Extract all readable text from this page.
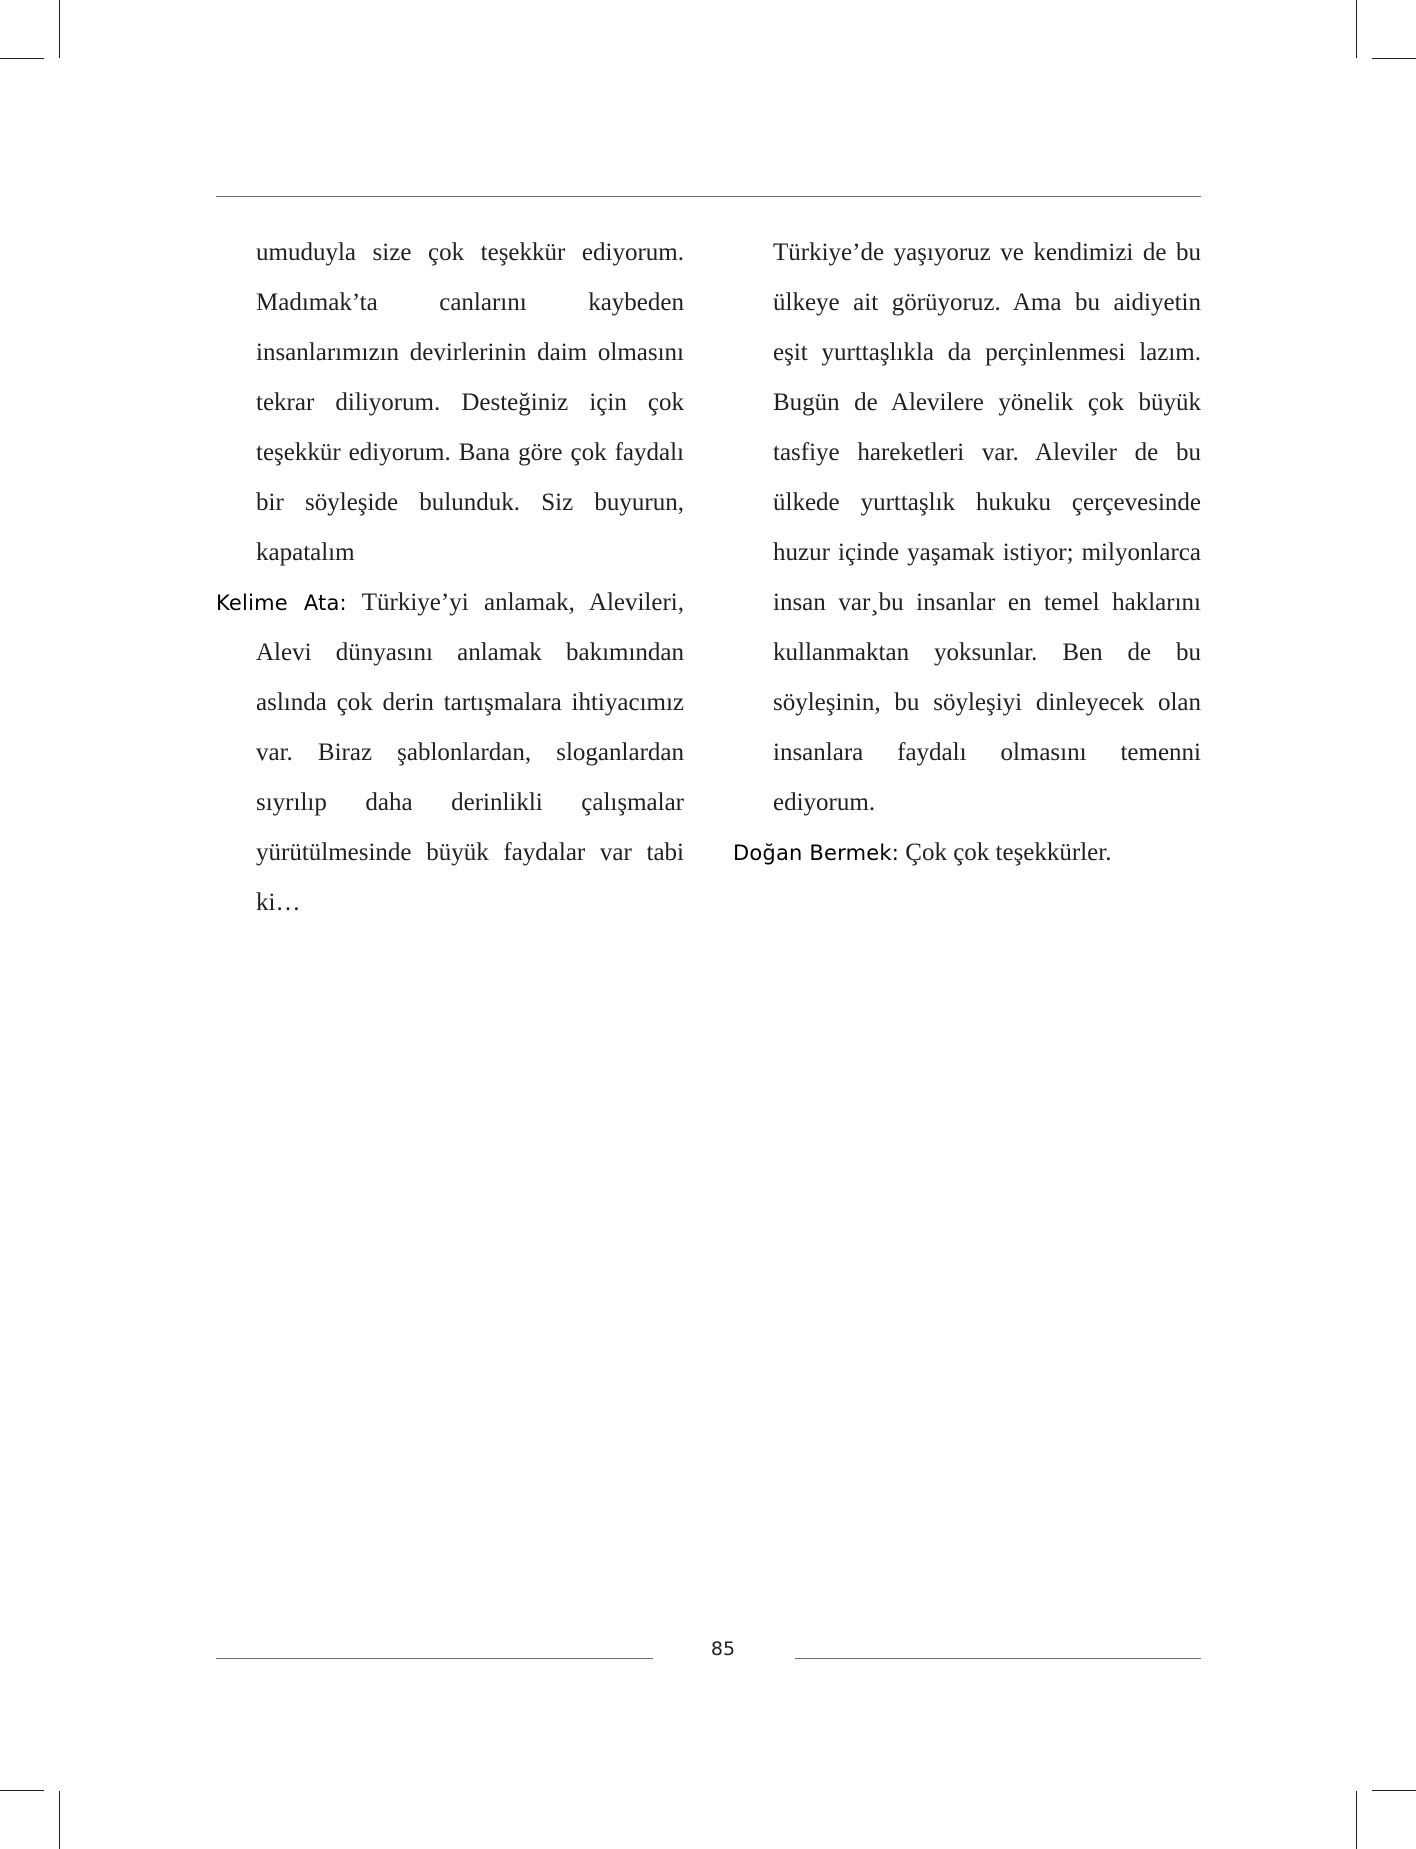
umuduyla size çok teşekkür ediyorum. Madımak’ta canlarını kaybeden insanlarımızın devirlerinin daim olmasını tekrar diliyorum. Desteğiniz için çok teşekkür ediyorum. Bana göre çok faydalı bir söyleşide bulunduk. Siz buyurun, kapatalım

Kelime Ata: Türkiye’yi anlamak, Alevileri, Alevi dünyasını anlamak bakımından aslında çok derin tartışmalara ihtiyacımız var. Biraz şablonlardan, sloganlardan sıyrılıp daha derinlikli çalışmalar yürütülmesinde büyük faydalar var tabi ki…

Türkiye’de yaşıyoruz ve kendimizi de bu ülkeye ait görüyoruz. Ama bu aidiyetin eşit yurttaşlıkla da perçinlenmesi lazım. Bugün de Alevilere yönelik çok büyük tasfiye hareketleri var. Aleviler de bu ülkede yurttaşlık hukuku çerçevesinde huzur içinde yaşamak istiyor; milyonlarca insan var¸bu insanlar en temel haklarını kullanmaktan yoksunlar. Ben de bu söyleşinin, bu söyleşiyi dinleyecek olan insanlara faydalı olmasını temenni ediyorum.

Doğan Bermek: Çok çok teşekkürler.

85
